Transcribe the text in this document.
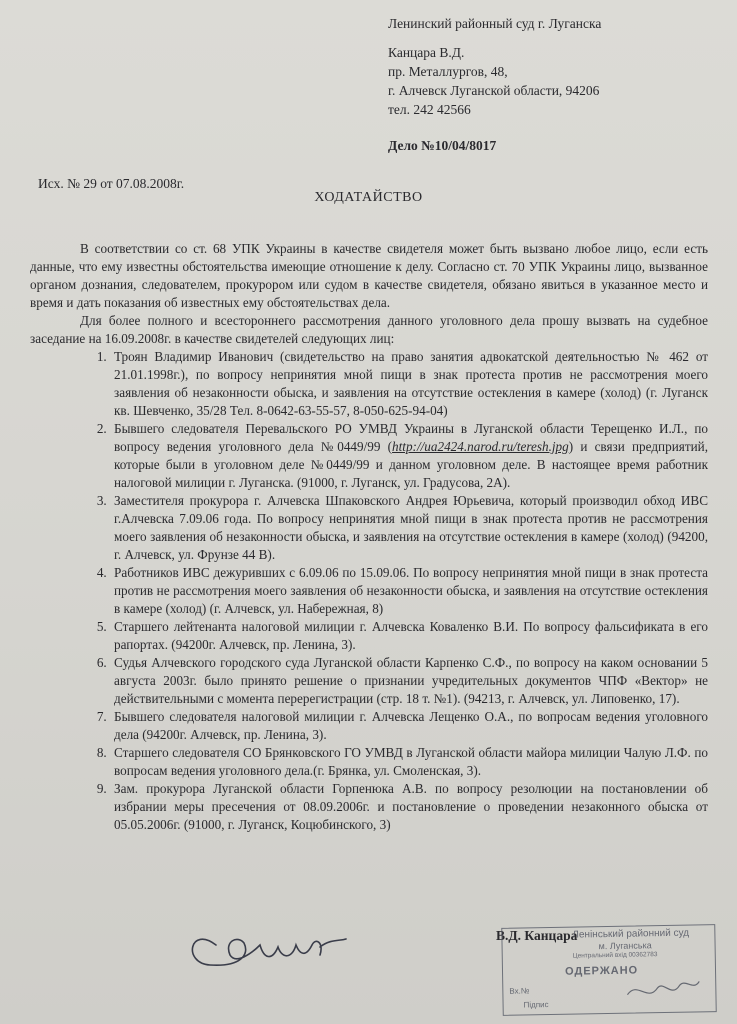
Ленинский районный суд г. Луганска
Канцара В.Д.
пр. Металлургов, 48,
г. Алчевск Луганской области, 94206
тел. 242 42566
Дело №10/04/8017
Исх. № 29 от 07.08.2008г.
ХОДАТАЙСТВО

В соответствии со ст. 68 УПК Украины в качестве свидетеля может быть вызвано любое лицо, если есть данные, что ему известны обстоятельства имеющие отношение к делу. Согласно ст. 70 УПК Украины лицо, вызванное органом дознания, следователем, прокурором или судом в качестве свидетеля, обязано явиться в указанное место и время и дать показания об известных ему обстоятельствах дела.

Для более полного и всестороннего рассмотрения данного уголовного дела прошу вызвать на судебное заседание на 16.09.2008г. в качестве свидетелей следующих лиц:

1. Троян Владимир Иванович (свидетельство на право занятия адвокатской деятельностью № 462 от 21.01.1998г.), по вопросу непринятия мной пищи в знак протеста против не рассмотрения моего заявления об незаконности обыска, и заявления на отсутствие остекления в камере (холод) (г. Луганск кв. Шевченко, 35/28 Тел. 8-0642-63-55-57, 8-050-625-94-04)
2. Бывшего следователя Перевальского РО УМВД Украины в Луганской области Терещенко И.Л., по вопросу ведения уголовного дела №0449/99 (http://ua2424.narod.ru/teresh.jpg) и связи предприятий, которые были в уголовном деле №0449/99 и данном уголовном деле. В настоящее время работник налоговой милиции г. Луганска. (91000, г. Луганск, ул. Градусова, 2А).
3. Заместителя прокурора г. Алчевска Шпаковского Андрея Юрьевича, который производил обход ИВС г.Алчевска 7.09.06 года. По вопросу непринятия мной пищи в знак протеста против не рассмотрения моего заявления об незаконности обыска, и заявления на отсутствие остекления в камере (холод) (94200, г. Алчевск, ул. Фрунзе 44 В).
4. Работников ИВС дежуривших с 6.09.06 по 15.09.06. По вопросу непринятия мной пищи в знак протеста против не рассмотрения моего заявления об незаконности обыска, и заявления на отсутствие остекления в камере (холод) (г. Алчевск, ул. Набережная, 8)
5. Старшего лейтенанта налоговой милиции г. Алчевска Коваленко В.И. По вопросу фальсификата в его рапортах. (94200г. Алчевск, пр. Ленина, 3).
6. Судья Алчевского городского суда Луганской области Карпенко С.Ф., по вопросу на каком основании 5 августа 2003г. было принято решение о признании учредительных документов ЧПФ «Вектор» не действительными с момента перерегистрации (стр. 18 т. №1). (94213, г. Алчевск, ул. Липовенко, 17).
7. Бывшего следователя налоговой милиции г. Алчевска Лещенко О.А., по вопросам ведения уголовного дела (94200г. Алчевск, пр. Ленина, 3).
8. Старшего следователя СО Брянковского ГО УМВД в Луганской области майора милиции Чалую Л.Ф. по вопросам ведения уголовного дела.(г. Брянка, ул. Смоленская, 3).
9. Зам. прокурора Луганской области Горпенюка А.В. по вопросу резолюции на постановлении об избрании меры пресечения от 08.09.2006г. и постановление о проведении незаконного обыска от 05.05.2006г. (91000, г. Луганск, Коцюбинского, 3)
В.Д. Канцара
Ленінський районний суд
м. Луганська
Центральний вхід 00362783
ОДЕРЖАНО
Вх.№
Підпис
